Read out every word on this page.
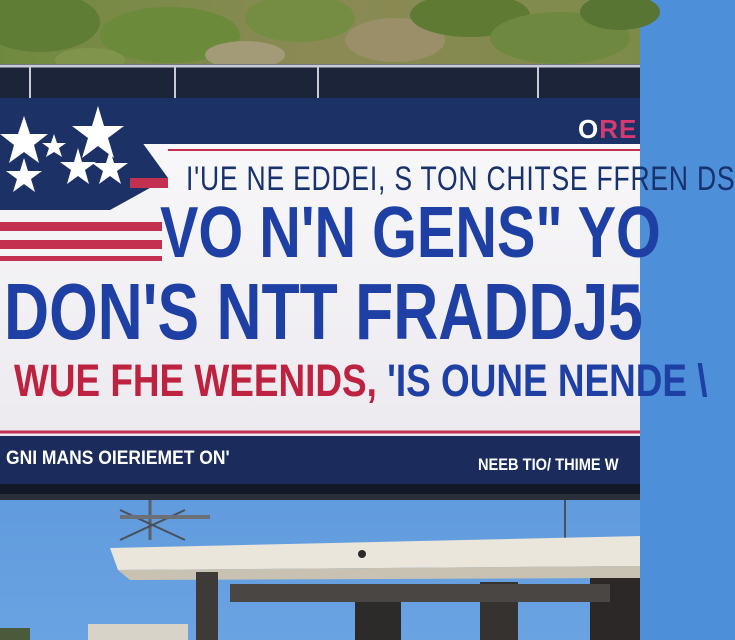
ORE
I'UE NE EDDEI, S TON CHITSE FFREN DS
VO N'N GENS" YO
DON'S NTT FRADDJ5
WUE FHE WEENIDS, 'IS OUNE NENDE \
GNI MANS OIERIEMET ON'	NEEB TIO/ THIME W
